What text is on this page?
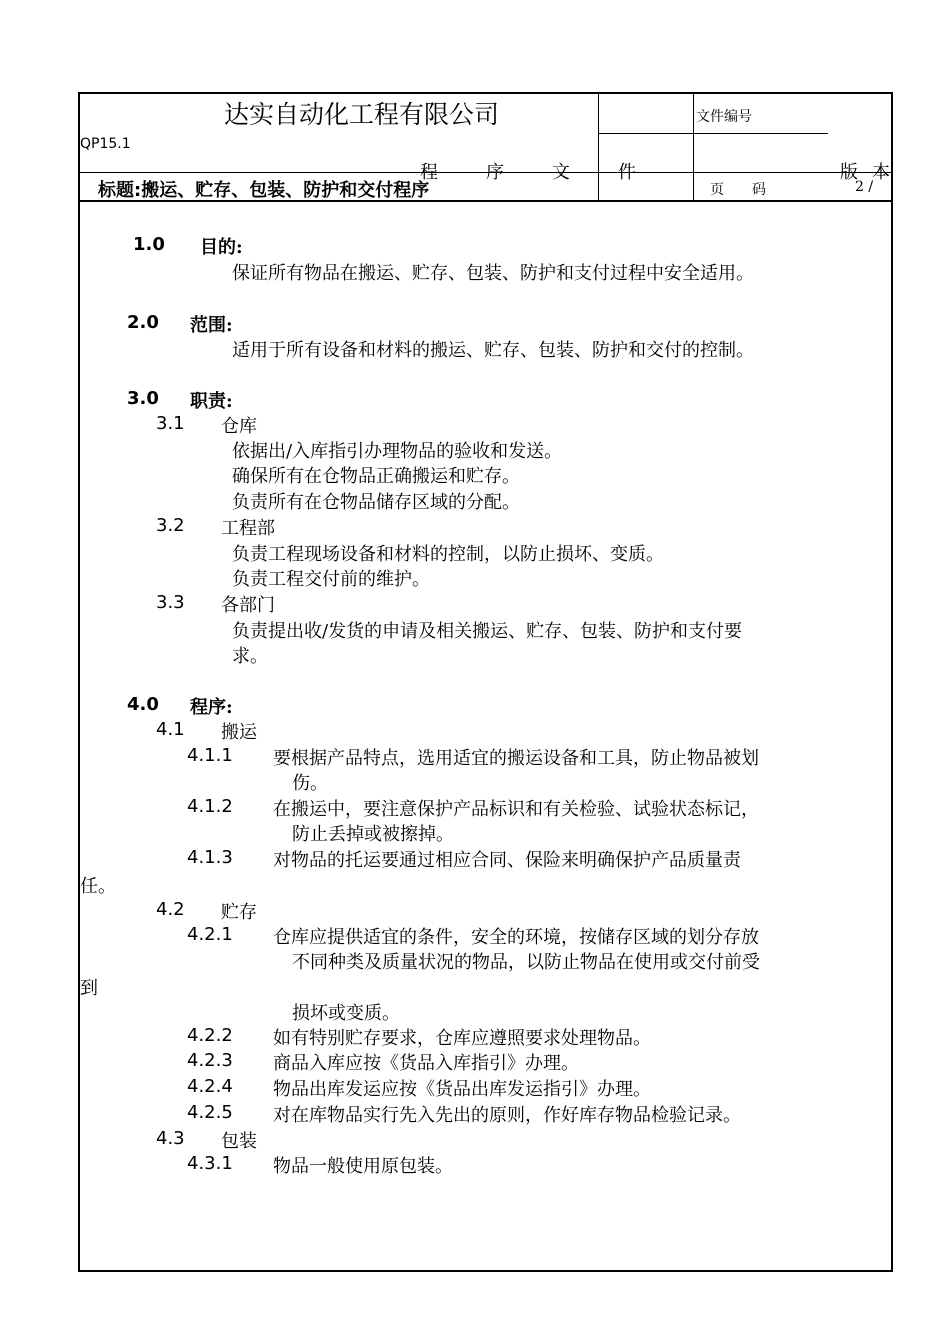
达实自动化工程有限公司
QP15.1
程序文件	版本
文件编号
标题:搬运、贮存、包装、防护和交付程序	页　　码	2 /
1.0 目的:
保证所有物品在搬运、贮存、包装、防护和支付过程中安全适用。
2.0 范围:
适用于所有设备和材料的搬运、贮存、包装、防护和交付的控制。
3.0 职责:
3.1 仓库
依据出/入库指引办理物品的验收和发送。
确保所有在仓物品正确搬运和贮存。
负责所有在仓物品储存区域的分配。
3.2 工程部
负责工程现场设备和材料的控制，以防止损坏、变质。
负责工程交付前的维护。
3.3 各部门
负责提出收/发货的申请及相关搬运、贮存、包装、防护和支付要
求。
4.0 程序:
4.1 搬运
4.1.1 要根据产品特点，选用适宜的搬运设备和工具，防止物品被划
伤。
4.1.2 在搬运中，要注意保护产品标识和有关检验、试验状态标记，
防止丢掉或被擦掉。
4.1.3 对物品的托运要通过相应合同、保险来明确保护产品质量责
任。
4.2 贮存
4.2.1 仓库应提供适宜的条件，安全的环境，按储存区域的划分存放
不同种类及质量状况的物品，以防止物品在使用或交付前受
到
损坏或变质。
4.2.2 如有特别贮存要求，仓库应遵照要求处理物品。
4.2.3 商品入库应按《货品入库指引》办理。
4.2.4 物品出库发运应按《货品出库发运指引》办理。
4.2.5 对在库物品实行先入先出的原则，作好库存物品检验记录。
4.3 包装
4.3.1 物品一般使用原包装。
